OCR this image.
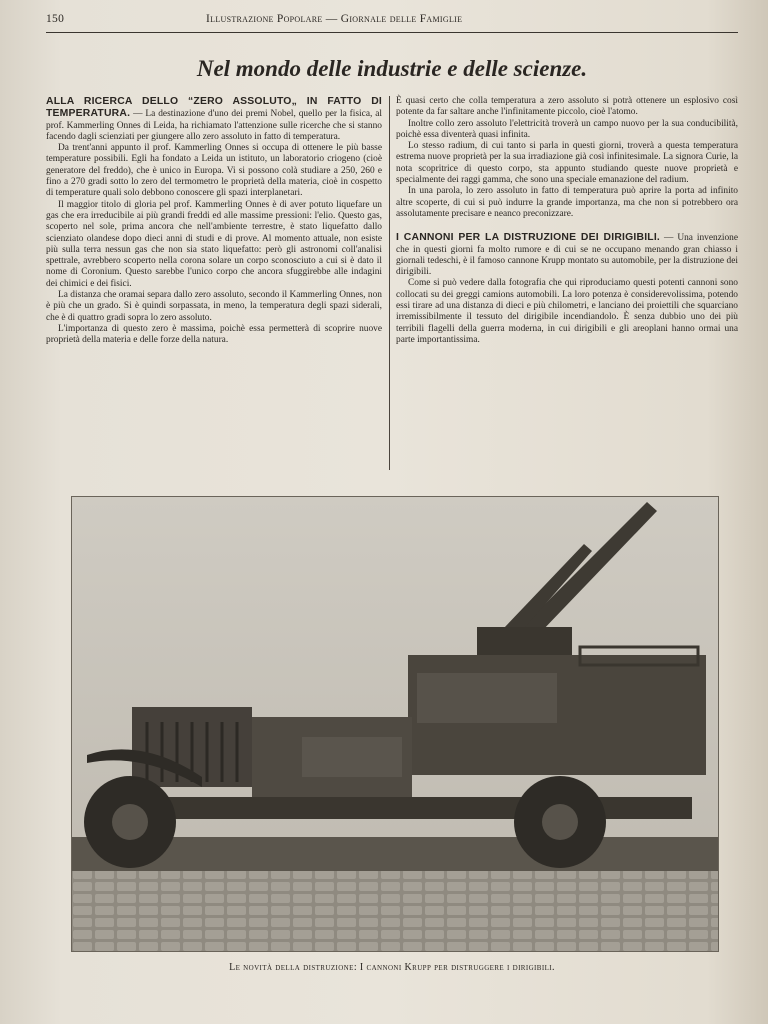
150	Illustrazione Popolare — Giornale delle Famiglie
Nel mondo delle industrie e delle scienze.

ALLA RICERCA DELLO “ZERO ASSOLUTO„ IN FATTO DI TEMPERATURA. — La destinazione d'uno dei premi Nobel, quello per la fisica, al prof. Kammerling Onnes di Leida, ha richiamato l'attenzione sulle ricerche che si stanno facendo dagli scienziati per giungere allo zero assoluto in fatto di temperatura.

Da trent'anni appunto il prof. Kammerling Onnes si occupa di ottenere le più basse temperature possibili. Egli ha fondato a Leida un istituto, un laboratorio criogeno (cioè generatore del freddo), che è unico in Europa. Vi si possono colà studiare a 250, 260 e fino a 270 gradi sotto lo zero del termometro le proprietà della materia, cioè in cospetto di temperature quali solo debbono conoscere gli spazi interplanetari.

Il maggior titolo di gloria pel prof. Kammerling Onnes è di aver potuto liquefare un gas che era irreducibile ai più grandi freddi ed alle massime pressioni: l'elio. Questo gas, scoperto nel sole, prima ancora che nell'ambiente terrestre, è stato liquefatto dallo scienziato olandese dopo dieci anni di studi e di prove. Al momento attuale, non esiste più sulla terra nessun gas che non sia stato liquefatto: però gli astronomi coll'analisi spettrale, avrebbero scoperto nella corona solare un corpo sconosciuto a cui si è dato il nome di Coronium. Questo sarebbe l'unico corpo che ancora sfuggirebbe alle indagini dei chimici e dei fisici.

La distanza che oramai separa dallo zero assoluto, secondo il Kammerling Onnes, non è più che un grado. Si è quindi sorpassata, in meno, la temperatura degli spazi siderali, che è di quattro gradi sopra lo zero assoluto.

L'importanza di questo zero è massima, poichè essa permetterà di scoprire nuove proprietà della materia e delle forze della natura.

È quasi certo che colla temperatura a zero assoluto si potrà ottenere un esplosivo così potente da far saltare anche l'infinitamente piccolo, cioè l'atomo.

Inoltre collo zero assoluto l'elettricità troverà un campo nuovo per la sua conducibilità, poichè essa diventerà quasi infinita.

Lo stesso radium, di cui tanto si parla in questi giorni, troverà a questa temperatura estrema nuove proprietà per la sua irradiazione già così infinitesimale. La signora Curie, la nota scopritrice di questo corpo, sta appunto studiando queste nuove proprietà e specialmente dei raggi gamma, che sono una speciale emanazione del radium.

In una parola, lo zero assoluto in fatto di temperatura può aprire la porta ad infinito altre scoperte, di cui si può indurre la grande importanza, ma che non si potrebbero ora assolutamente precisare e neanco preconizzare.

I CANNONI PER LA DISTRUZIONE DEI DIRIGIBILI. — Una invenzione che in questi giorni fa molto rumore e di cui se ne occupano menando gran chiasso i giornali tedeschi, è il famoso cannone Krupp montato su automobile, per la distruzione dei dirigibili.

Come si può vedere dalla fotografia che qui riproduciamo questi potenti cannoni sono collocati su dei greggi camions automobili. La loro potenza è considerevolissima, potendo essi tirare ad una distanza di dieci e più chilometri, e lanciano dei proiettili che squarciano irremissibilmente il tessuto del dirigibile incendiandolo. È senza dubbio uno dei più terribili flagelli della guerra moderna, in cui dirigibili e gli areoplani hanno ormai una parte importantissima.

Le novità della distruzione: I cannoni Krupp per distruggere i dirigibili.
